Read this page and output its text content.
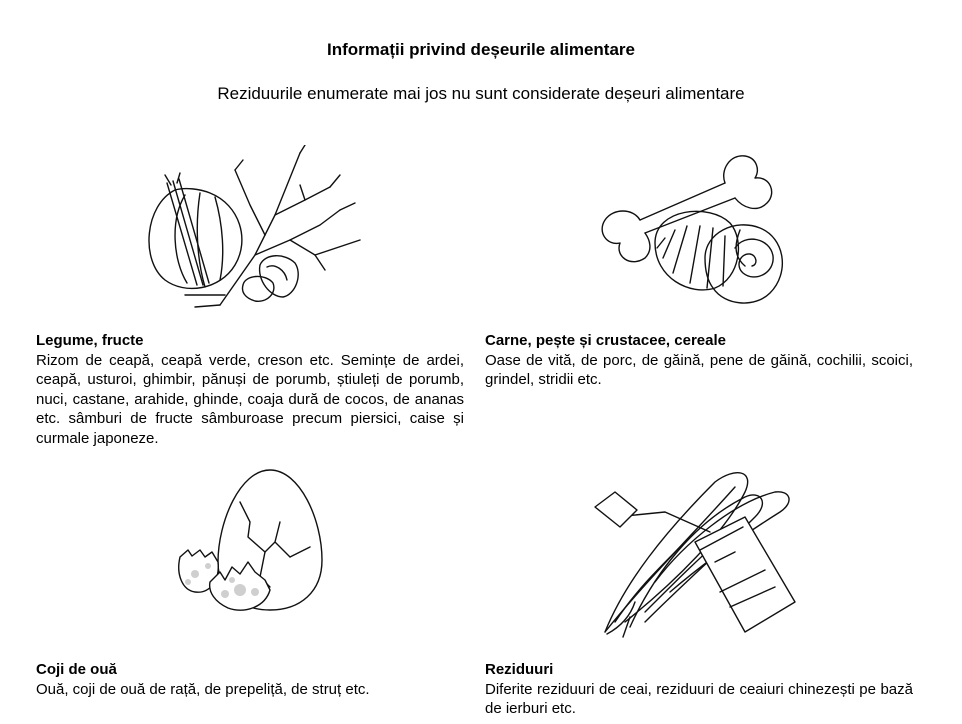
Informații privind deșeurile alimentare
Reziduurile enumerate mai jos nu sunt considerate deșeuri alimentare
Legume, fructe
Rizom de ceapă, ceapă verde, creson etc. Semințe de ardei, ceapă, usturoi, ghimbir, pănuși de porumb, știuleți de porumb, nuci, castane, arahide, ghinde, coaja dură de cocos, de ananas etc. sâmburi de fructe sâmburoase precum piersici, caise și curmale japoneze.
Carne, pește și crustacee, cereale
Oase de vită, de porc, de găină, pene de găină, cochilii, scoici, grindel, stridii etc.
Coji de ouă
Ouă, coji de ouă de rață, de prepeliță, de struț etc.
Reziduuri
Diferite reziduuri de ceai, reziduuri de ceaiuri chinezești pe bază de ierburi etc.
